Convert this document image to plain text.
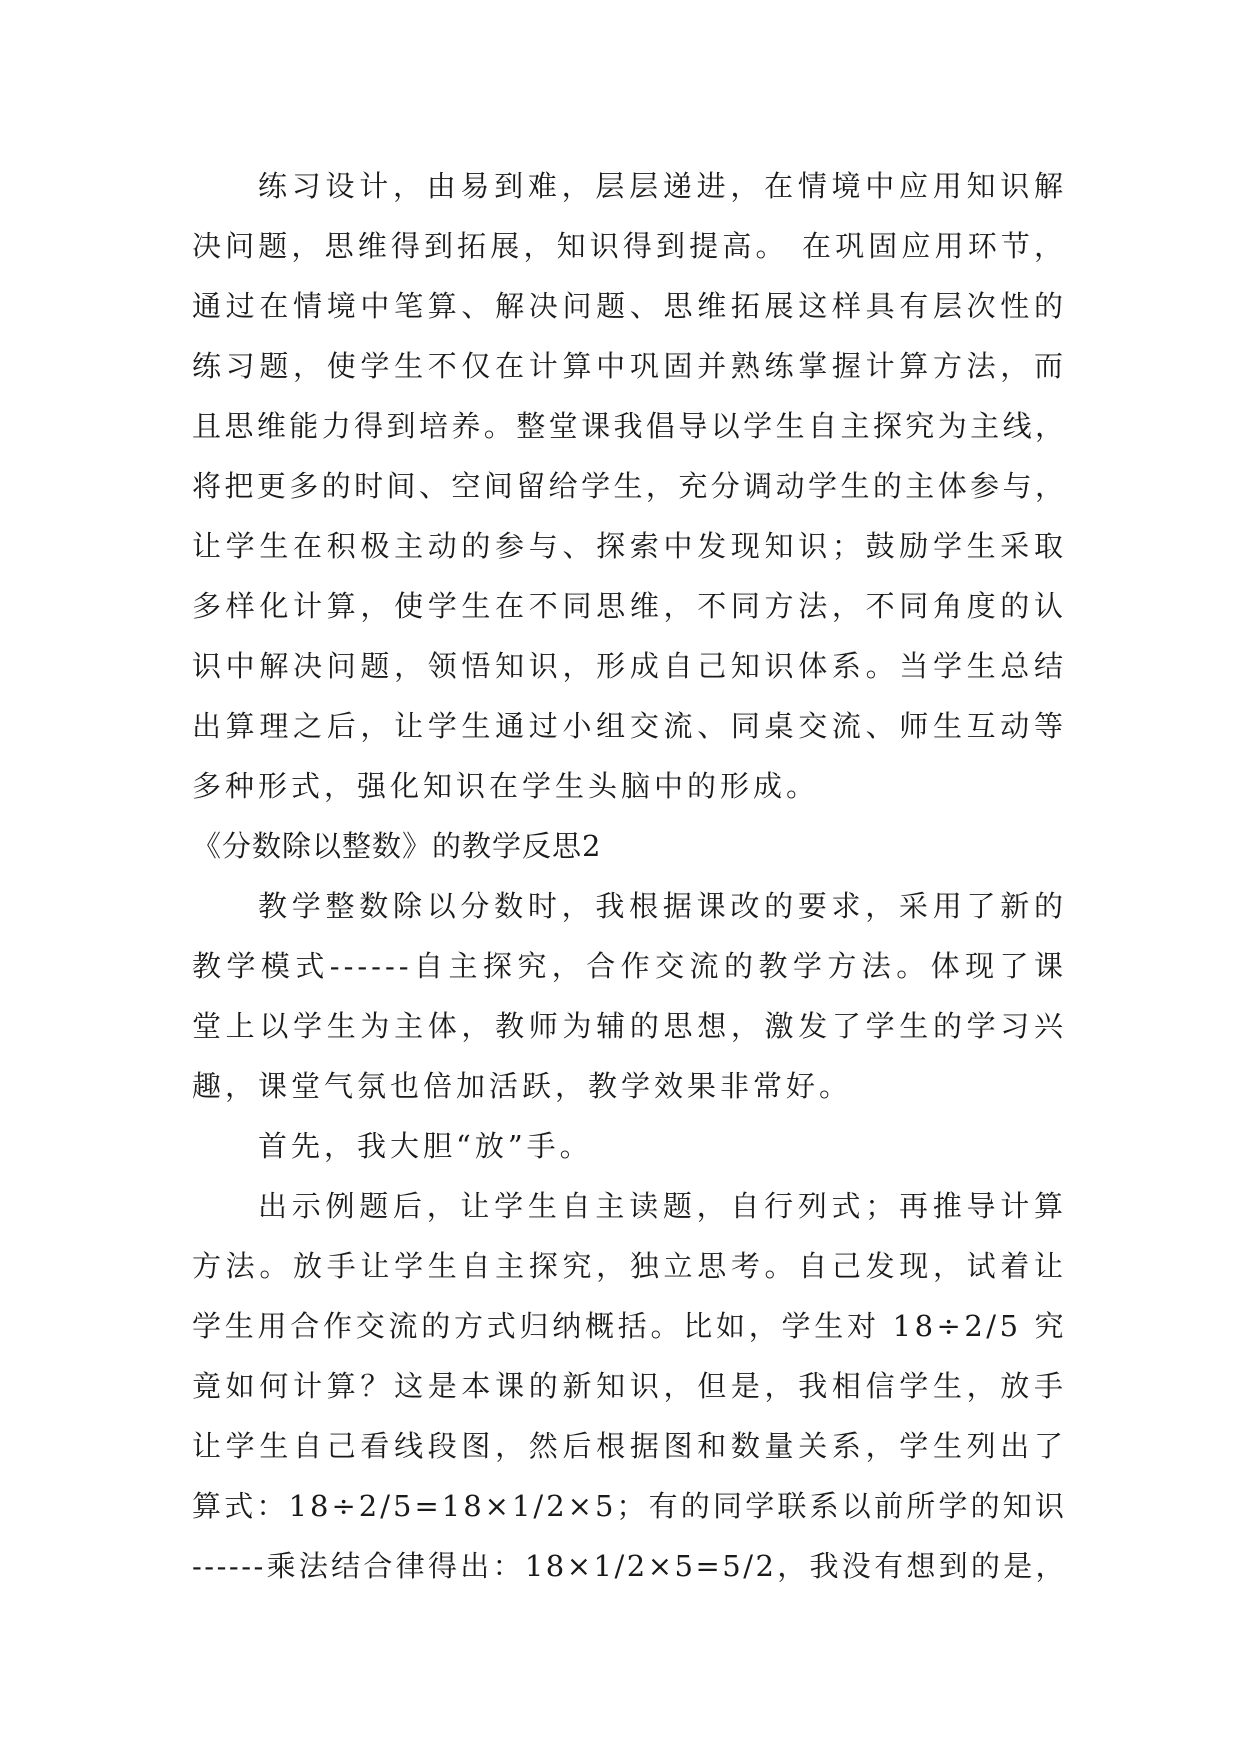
练习设计，由易到难，层层递进，在情境中应用知识解
决问题，思维得到拓展，知识得到提高。 在巩固应用环节，
通过在情境中笔算、解决问题、思维拓展这样具有层次性的
练习题，使学生不仅在计算中巩固并熟练掌握计算方法，而
且思维能力得到培养。整堂课我倡导以学生自主探究为主线，
将把更多的时间、空间留给学生，充分调动学生的主体参与，
让学生在积极主动的参与、探索中发现知识；鼓励学生采取
多样化计算，使学生在不同思维，不同方法，不同角度的认
识中解决问题，领悟知识，形成自己知识体系。当学生总结
出算理之后，让学生通过小组交流、同桌交流、师生互动等
多种形式，强化知识在学生头脑中的形成。
《分数除以整数》的教学反思2
教学整数除以分数时，我根据课改的要求，采用了新的
教学模式------自主探究，合作交流的教学方法。体现了课
堂上以学生为主体，教师为辅的思想，激发了学生的学习兴
趣，课堂气氛也倍加活跃，教学效果非常好。
首先，我大胆“放”手。
出示例题后，让学生自主读题，自行列式；再推导计算
方法。放手让学生自主探究，独立思考。自己发现，试着让
学生用合作交流的方式归纳概括。比如，学生对 18÷2/5 究
竟如何计算？这是本课的新知识，但是，我相信学生，放手
让学生自己看线段图，然后根据图和数量关系，学生列出了
算式：18÷2/5=18×1/2×5；有的同学联系以前所学的知识
------乘法结合律得出：18×1/2×5=5/2，我没有想到的是，
